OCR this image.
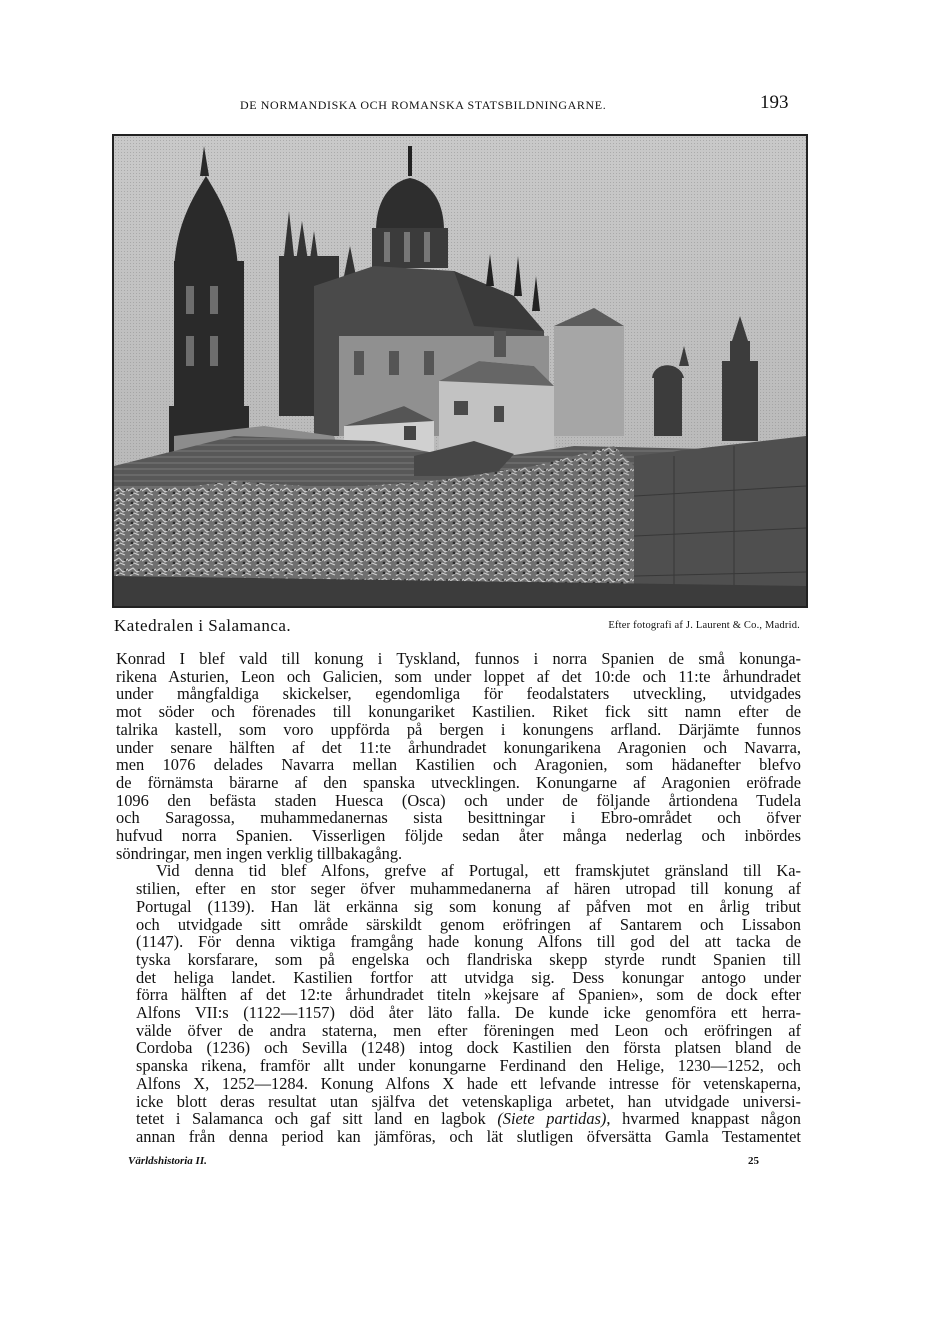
DE NORMANDISKA OCH ROMANSKA STATSBILDNINGARNE.	193
Katedralen i Salamanca.	Efter fotografi af J. Laurent & Co., Madrid.

Konrad I blef vald till konung i Tyskland, funnos i norra Spanien de små konunga-
rikena Asturien, Leon och Galicien, som under loppet af det 10:de och 11:te århundradet
under mångfaldiga skickelser, egendomliga för feodalstaters utveckling, utvidgades
mot söder och förenades till konungariket Kastilien. Riket fick sitt namn efter de
talrika kastell, som voro uppförda på bergen i konungens arfland. Därjämte funnos
under senare hälften af det 11:te århundradet konungarikena Aragonien och Navarra,
men 1076 delades Navarra mellan Kastilien och Aragonien, som hädanefter blefvo
de förnämsta bärarne af den spanska utvecklingen. Konungarne af Aragonien eröfrade
1096 den befästa staden Huesca (Osca) och under de följande årtiondena Tudela
och Saragossa, muhammedanernas sista besittningar i Ebro-området och öfver
hufvud norra Spanien. Visserligen följde sedan åter många nederlag och inbördes
söndringar, men ingen verklig tillbakagång.

Vid denna tid blef Alfons, grefve af Portugal, ett framskjutet gränsland till Ka-
stilien, efter en stor seger öfver muhammedanerna af hären utropad till konung af
Portugal (1139). Han lät erkänna sig som konung af påfven mot en årlig tribut
och utvidgade sitt område särskildt genom eröfringen af Santarem och Lissabon
(1147). För denna viktiga framgång hade konung Alfons till god del att tacka de
tyska korsfarare, som på engelska och flandriska skepp styrde rundt Spanien till
det heliga landet. Kastilien fortfor att utvidga sig. Dess konungar antogo under
förra hälften af det 12:te århundradet titeln »kejsare af Spanien», som de dock efter
Alfons VII:s (1122—1157) död åter läto falla. De kunde icke genomföra ett herra-
välde öfver de andra staterna, men efter föreningen med Leon och eröfringen af
Cordoba (1236) och Sevilla (1248) intog dock Kastilien den första platsen bland de
spanska rikena, framför allt under konungarne Ferdinand den Helige, 1230—1252, och
Alfons X, 1252—1284. Konung Alfons X hade ett lefvande intresse för vetenskaperna,
icke blott deras resultat utan själfva det vetenskapliga arbetet, han utvidgade universi-
tetet i Salamanca och gaf sitt land en lagbok (Siete partidas), hvarmed knappast någon
annan från denna period kan jämföras, och lät slutligen öfversätta Gamla Testamentet

Världshistoria II.	25
